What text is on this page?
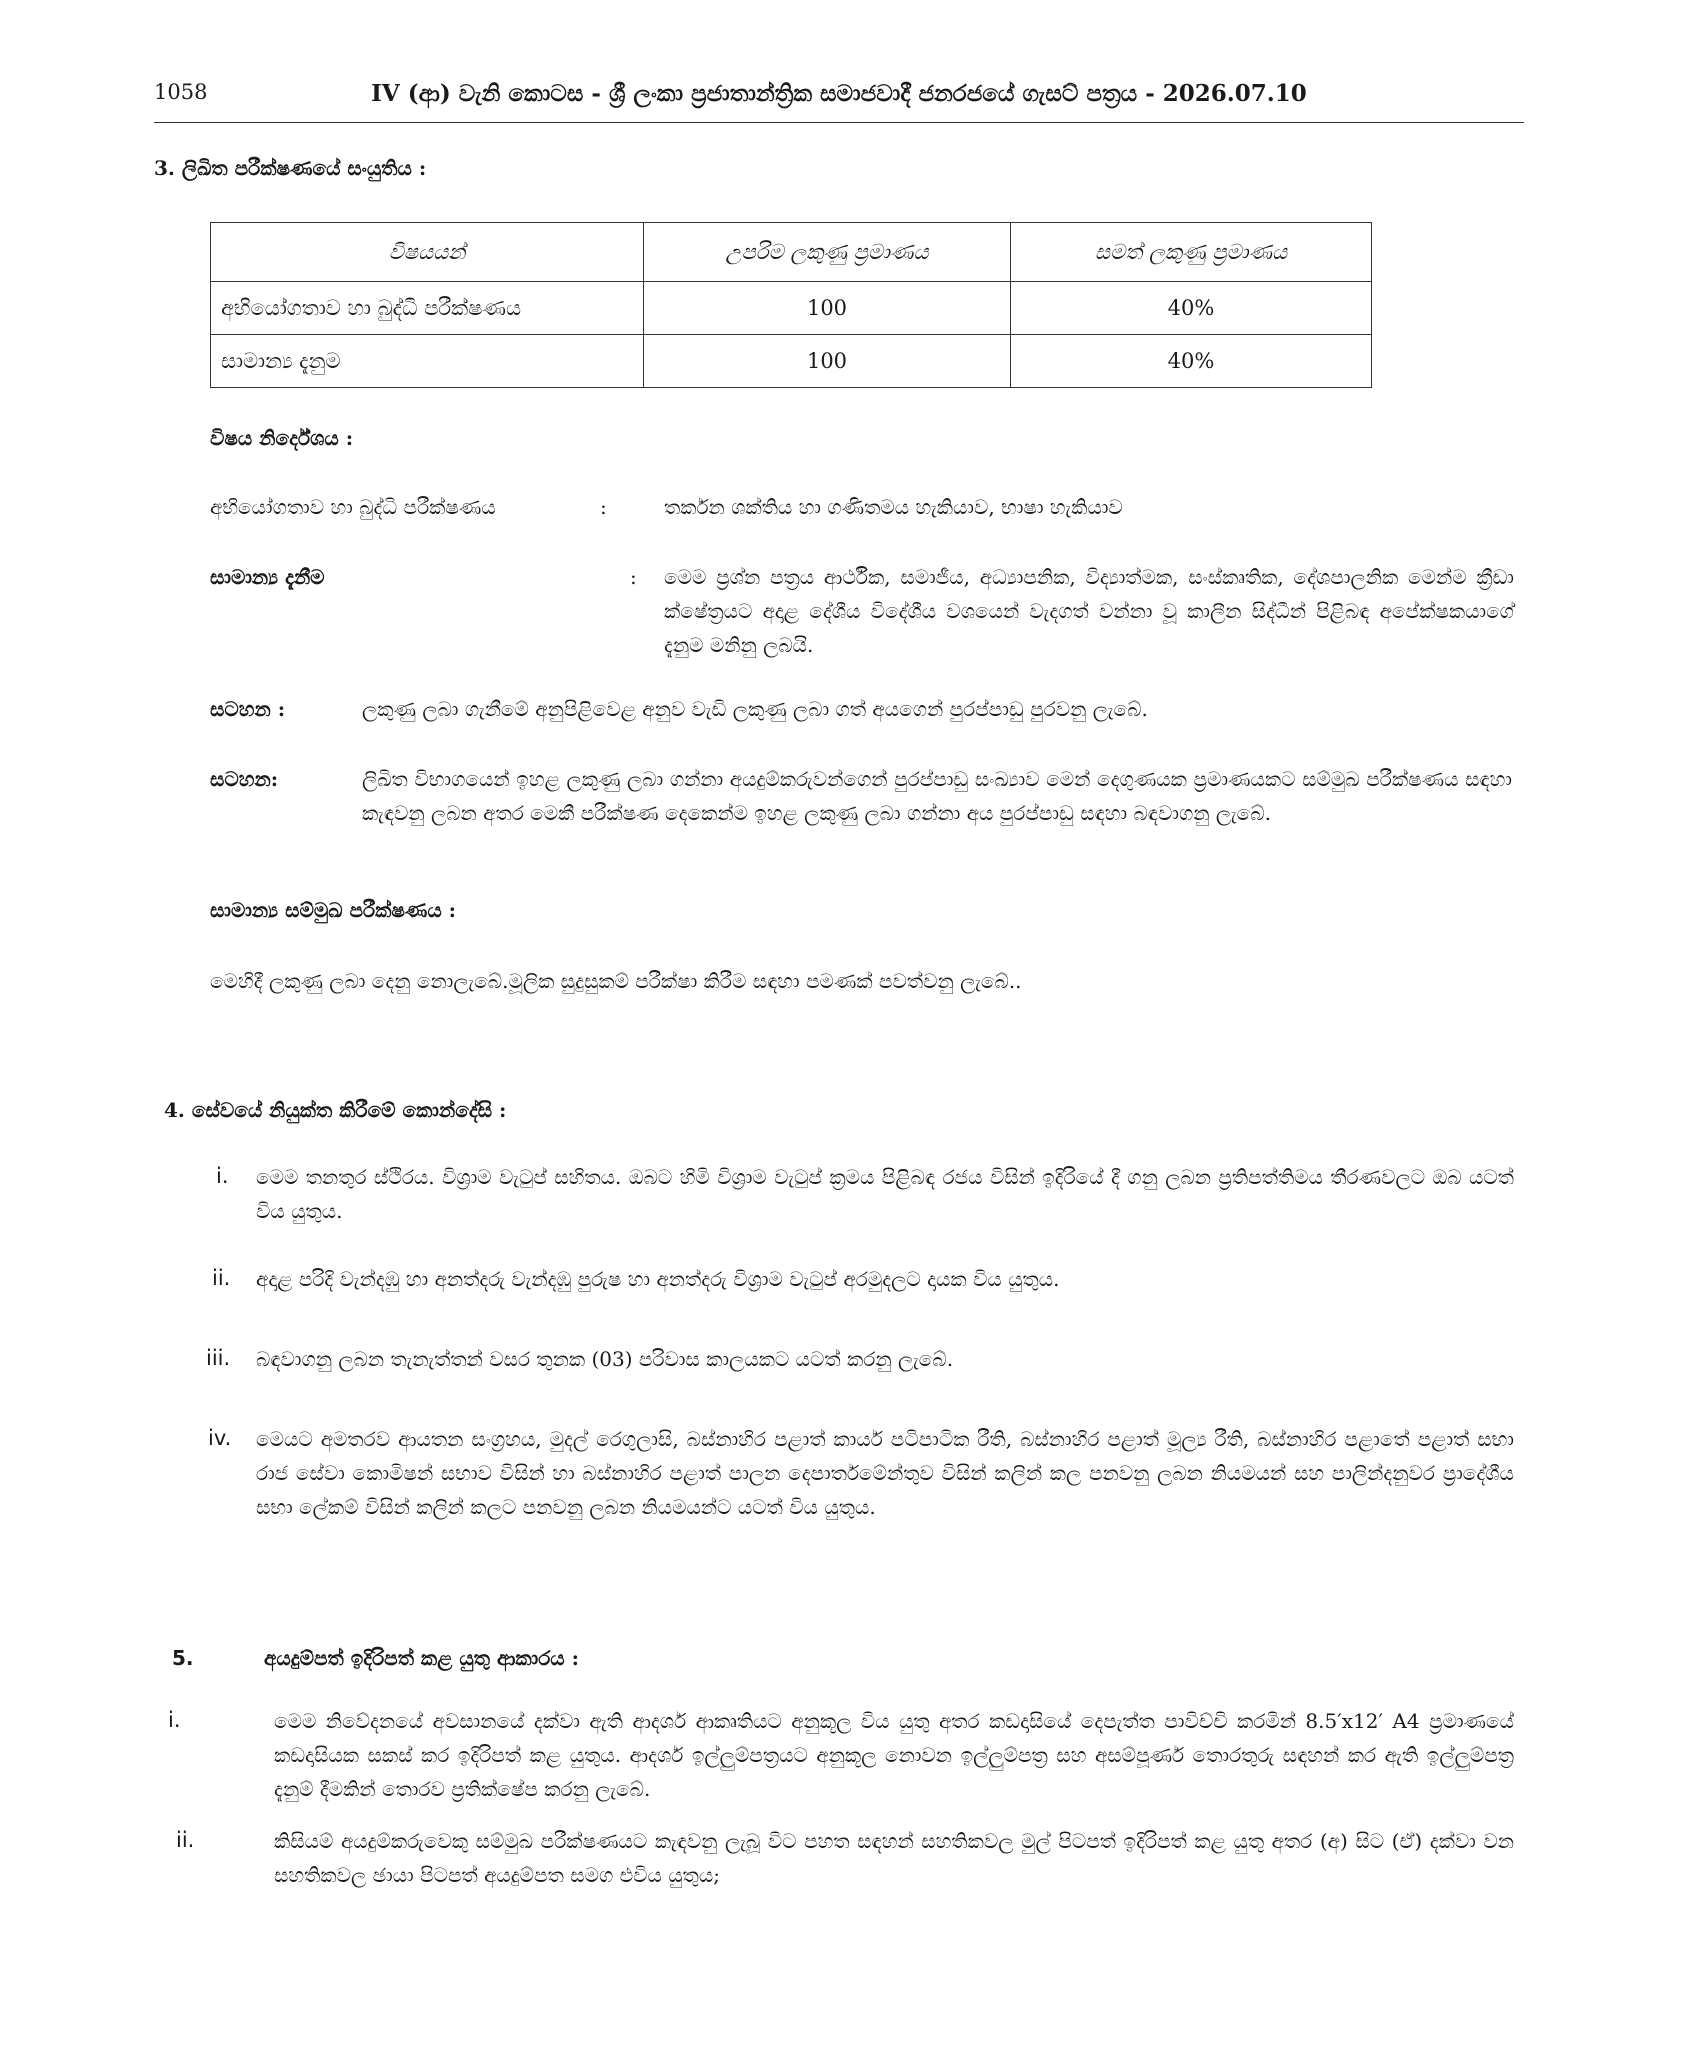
1058	IV (ආ) වැනි කොටස - ශ්‍රී ලංකා ප්‍රජාතාන්ත්‍රික සමාජවාදී ජනරජයේ ගැසට් පත්‍රය - 2026.07.10
3. ලිඛිත පරීක්ෂණයේ සංයුතිය :
විෂයයන්	උපරිම ලකුණු ප්‍රමාණය	සමත් ලකුණු ප්‍රමාණය
අභියෝගතාව හා බුද්ධි පරීක්ෂණය	100	40%
සාමාන්‍ය දැනුම	100	40%
විෂය නිර්දේශය :
අභියෝගතාව හා බුද්ධි පරීක්ෂණය	:	තර්කන ශක්තිය හා ගණිතමය හැකියාව, භාෂා හැකියාව
සාමාන්‍ය දැනීම	: මෙම ප්‍රශ්න පත්‍රය ආර්ථික, සමාජීය, අධ්‍යාපනික, විද්‍යාත්මක, සංස්කෘතික, දේශපාලනික මෙන්ම ක්‍රීඩා ක්ෂේත්‍රයට අදාළ දේශීය විදේශීය වශයෙන් වැදගත් වන්නා වූ කාලීන සිද්ධීන් පිළිබඳ අපේක්ෂකයාගේ දැනුම මනිනු ලබයි.
සටහන :	ලකුණු ලබා ගැනීමේ අනුපිළිවෙළ අනුව වැඩි ලකුණු ලබා ගත් අයගෙන් පුරප්පාඩු පුරවනු ලැබේ.
සටහන:	ලිඛිත විභාගයෙන් ඉහළ ලකුණු ලබා ගන්නා අයදුම්කරුවන්ගෙන් පුරප්පාඩු සංඛ්‍යාව මෙන් දෙගුණයක ප්‍රමාණයකට සම්මුඛ පරීක්ෂණය සඳහා කැඳවනු ලබන අතර මෙකී පරීක්ෂණ දෙකෙන්ම ඉහළ ලකුණු ලබා ගන්නා අය පුරප්පාඩු සඳහා බඳවාගනු ලැබේ.
සාමාන්‍ය සම්මුඛ පරීක්ෂණය :
මෙහිදී ලකුණු ලබා දෙනු නොලැබේ.මූලික සුදුසුකම් පරීක්ෂා කිරීම සඳහා පමණක් පවත්වනු ලැබේ..
4. සේවයේ නියුක්ත කිරීමේ කොන්දේසි :
i. මෙම තනතුර ස්ථිරය. විශ්‍රාම වැටුප් සහිතය. ඔබට හිමි විශ්‍රාම වැටුප් ක්‍රමය පිළිබඳ රජය විසින් ඉදිරියේ දී ගනු ලබන ප්‍රතිපත්තිමය තීරණවලට ඔබ යටත් විය යුතුය.
ii. අදාළ පරිදි වැන්දඹු හා අනත්දරු වැන්දඹු පුරුෂ හා අනත්දරු විශ්‍රාම වැටුප් අරමුදලට දායක විය යුතුය.
iii. බඳවාගනු ලබන තැනැත්තන් වසර තුනක (03) පරිවාස කාලයකට යටත් කරනු ලැබේ.
iv. මෙයට අමතරව ආයතන සංග්‍රහය, මුදල් රෙගුලාසි, බස්නාහිර පළාත් කාර්ය පටිපාටික රීති, බස්නාහිර පළාත් මූල්‍ය රීති, බස්නාහිර පළාතේ පළාත් සභා රාජ සේවා කොමිෂන් සභාව විසින් හා බස්නාහිර පළාත් පාලන දෙපාර්තමේන්තුව විසින් කලින් කල පනවනු ලබන නියමයන් සහ පාලින්දනුවර ප්‍රාදේශීය සභා ලේකම් විසින් කලින් කලට පනවනු ලබන නියමයන්ට යටත් විය යුතුය.
5.	අයදුම්පත් ඉදිරිපත් කළ යුතු ආකාරය :
i.	මෙම නිවේදනයේ අවසානයේ දක්වා ඇති ආදර්ශ ආකෘතියට අනුකූල විය යුතු අතර කඩදාසියේ දෙපැත්ත පාවිච්චි කරමින් 8.5′x12′ A4 ප්‍රමාණයේ කඩදාසියක සකස් කර ඉදිරිපත් කළ යුතුය. ආදර්ශ ඉල්ලුම්පත්‍රයට අනුකූල නොවන ඉල්ලුම්පත්‍ර සහ අසම්පූර්ණ තොරතුරු සඳහන් කර ඇති ඉල්ලුම්පත්‍ර දැනුම් දීමකින් තොරව ප්‍රතික්ෂේප කරනු ලැබේ.
ii.	කිසියම් අයදුම්කරුවෙකු සම්මුඛ පරීක්ෂණයට කැඳවනු ලැබූ විට පහත සඳහන් සහතිකවල මුල් පිටපත් ඉදිරිපත් කළ යුතු අතර (අ) සිට (ඒ) දක්වා වන සහතිකවල ඡායා පිටපත් අයදුම්පත සමග එවිය යුතුය;
